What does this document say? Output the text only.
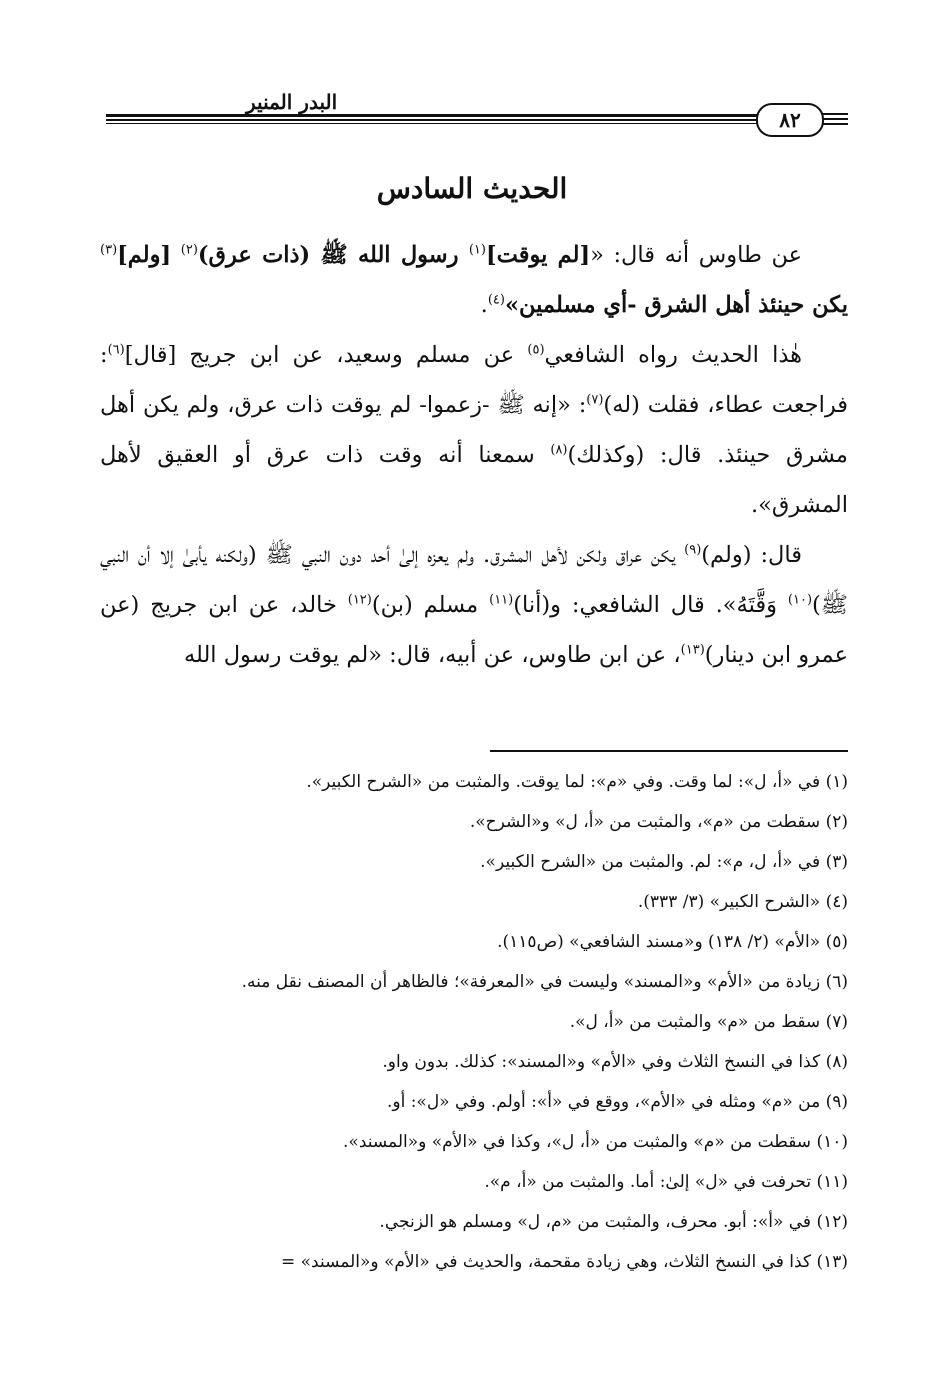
البدر المنير
٨٢
الحديث السادس

عن طاوس أنه قال: «[لم يوقت]$^{(١)}$ رسول الله ﷺ (ذات عرق)$^{(٢)}$ [ولم]$^{(٣)}$ يكن حينئذ أهل الشرق -أي مسلمين»$^{(٤)}$.

هٰذا الحديث رواه الشافعي$^{(٥)}$ عن مسلم وسعيد، عن ابن جريج [قال]$^{(٦)}$: فراجعت عطاء، فقلت (له)$^{(٧)}$: «إنه ﷺ -زعموا- لم يوقت ذات عرق، ولم يكن أهل مشرق حينئذ. قال: (وكذلك)$^{(٨)}$ سمعنا أنه وقت ذات عرق أو العقيق لأهل المشرق».

قال: (ولم)$^{(٩)}$ يكن عراق ولكن لأهل المشرق. ولم يعزه إلىٰ أحد دون النبي ﷺ (ولكنه يأبىٰ إلا أن النبي ﷺ)$^{(١٠)}$ وَقَّتَهُ». قال الشافعي: و(أنا)$^{(١١)}$ مسلم (بن)$^{(١٢)}$ خالد، عن ابن جريج (عن عمرو ابن دينار)$^{(١٣)}$، عن ابن طاوس، عن أبيه، قال: «لم يوقت رسول الله

(١) في «أ، ل»: لما وقت. وفي «م»: لما يوقت. والمثبت من «الشرح الكبير».
(٢) سقطت من «م»، والمثبت من «أ، ل» و«الشرح».
(٣) في «أ، ل، م»: لم. والمثبت من «الشرح الكبير».
(٤) «الشرح الكبير» (٣/ ٣٣٣).
(٥) «الأم» (٢/ ١٣٨) و«مسند الشافعي» (ص١١٥).
(٦) زيادة من «الأم» و«المسند» وليست في «المعرفة»؛ فالظاهر أن المصنف نقل منه.
(٧) سقط من «م» والمثبت من «أ، ل».
(٨) كذا في النسخ الثلاث وفي «الأم» و«المسند»: كذلك. بدون واو.
(٩) من «م» ومثله في «الأم»، ووقع في «أ»: أولم. وفي «ل»: أو.
(١٠) سقطت من «م» والمثبت من «أ، ل»، وكذا في «الأم» و«المسند».
(١١) تحرفت في «ل» إلىٰ: أما. والمثبت من «أ، م».
(١٢) في «أ»: أبو. محرف، والمثبت من «م، ل» ومسلم هو الزنجي.
(١٣) كذا في النسخ الثلاث، وهي زيادة مقحمة، والحديث في «الأم» و«المسند» =
